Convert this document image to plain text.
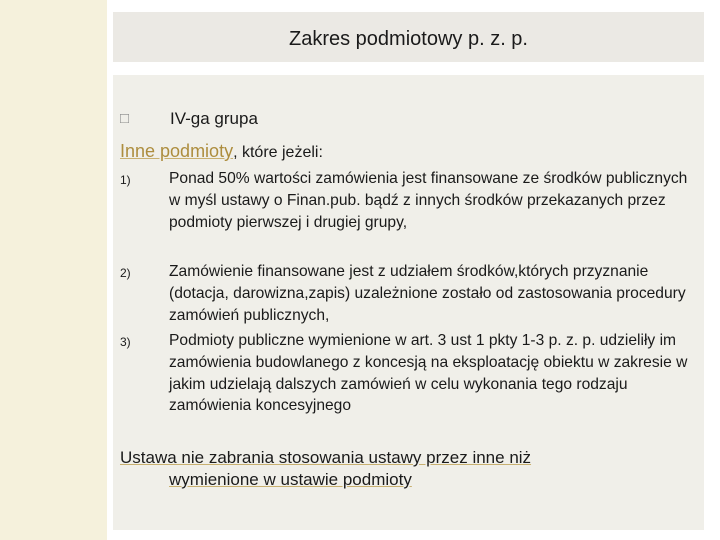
Zakres podmiotowy p. z. p.
□ IV-ga grupa
Inne podmioty, które jeżeli:
1) Ponad 50% wartości zamówienia jest finansowane ze środków publicznych w myśl ustawy o Finan.pub. bądź z innych środków przekazanych przez podmioty pierwszej i drugiej grupy,
2) Zamówienie finansowane jest z udziałem środków,których przyznanie (dotacja, darowizna,zapis) uzależnione zostało od zastosowania procedury zamówień publicznych,
3) Podmioty publiczne wymienione w art. 3 ust 1 pkty 1-3 p. z. p. udzieliły im zamówienia budowlanego z koncesją na eksploatację obiektu w zakresie w jakim udzielają dalszych zamówień w celu wykonania tego rodzaju zamówienia koncesyjnego
Ustawa nie zabrania stosowania ustawy przez inne niż
wymienione w ustawie podmioty
